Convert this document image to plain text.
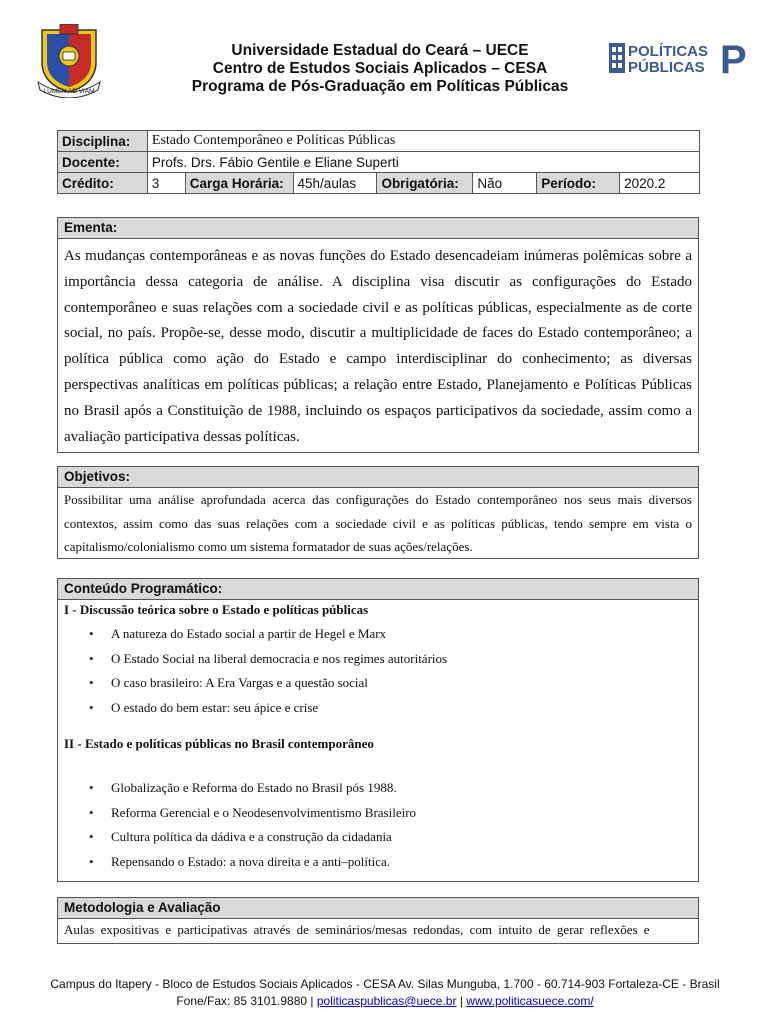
LUMEN AD VIAM
Universidade Estadual do Ceará – UECE
Centro de Estudos Sociais Aplicados – CESA
Programa de Pós-Graduação em Políticas Públicas
POLÍTICAS
PÚBLICAS P
Disciplina:	Estado Contemporâneo e Políticas Públicas						
Docente:	Profs. Drs. Fábio Gentile e Eliane Superti						
Crédito:	3	Carga Horária:	45h/aulas	Obrigatória:	Não	Período:	2020.2
Ementa:
As mudanças contemporâneas e as novas funções do Estado desencadeiam inúmeras polêmicas sobre a importância dessa categoria de análise. A disciplina visa discutir as configurações do Estado contemporâneo e suas relações com a sociedade civil e as políticas públicas, especialmente as de corte social, no país. Propõe-se, desse modo, discutir a multiplicidade de faces do Estado contemporâneo; a política pública como ação do Estado e campo interdisciplinar do conhecimento; as diversas perspectivas analíticas em políticas públicas; a relação entre Estado, Planejamento e Políticas Públicas no Brasil após a Constituição de 1988, incluindo os espaços participativos da sociedade, assim como a avaliação participativa dessas políticas.
Objetivos:
Possibilitar uma análise aprofundada acerca das configurações do Estado contemporâneo nos seus mais diversos contextos, assim como das suas relações com a sociedade civil e as políticas públicas, tendo sempre em vista o capitalismo/colonialismo como um sistema formatador de suas ações/relações.
Conteúdo Programático:
I - Discussão teórica sobre o Estado e políticas públicas
• A natureza do Estado social a partir de Hegel e Marx
• O Estado Social na liberal democracia e nos regimes autoritários
• O caso brasileiro: A Era Vargas e a questão social
• O estado do bem estar: seu ápice e crise
II - Estado e políticas públicas no Brasil contemporâneo
• Globalização e Reforma do Estado no Brasil pós 1988.
• Reforma Gerencial e o Neodesenvolvimentismo Brasileiro
• Cultura política da dádiva e a construção da cidadania
• Repensando o Estado: a nova direita e a anti–política.
Metodologia e Avaliação
Aulas expositivas e participativas através de seminários/mesas redondas, com intuito de gerar reflexões e
Campus do Itapery - Bloco de Estudos Sociais Aplicados - CESA Av. Silas Munguba, 1.700 - 60.714-903 Fortaleza-CE - Brasil
Fone/Fax: 85 3101.9880 | politicaspublicas@uece.br | www.politicasuece.com/
